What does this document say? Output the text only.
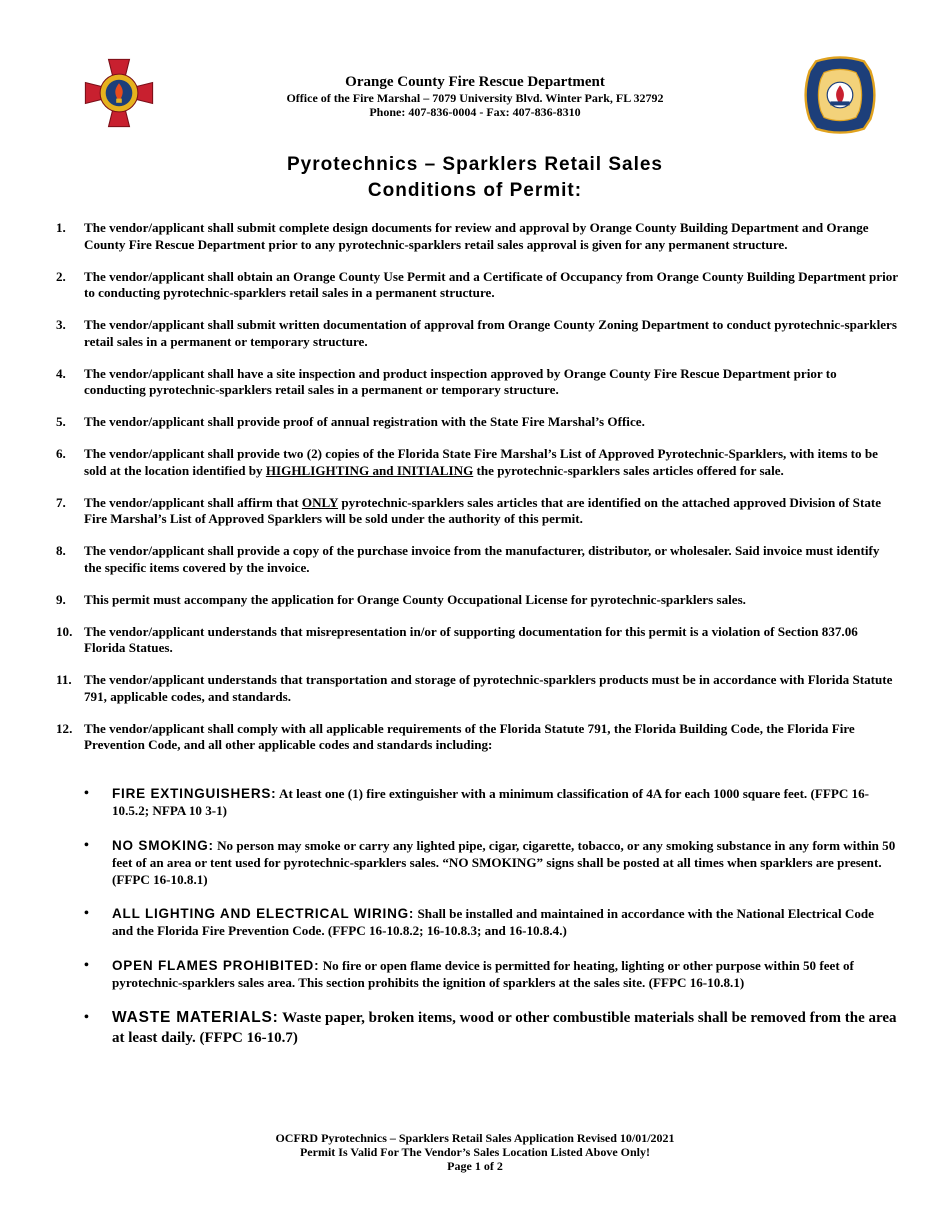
Orange County Fire Rescue Department
Office of the Fire Marshal – 7079 University Blvd. Winter Park, FL 32792
Phone: 407-836-0004 - Fax: 407-836-8310
Pyrotechnics – Sparklers Retail Sales
Conditions of Permit:
1.	The vendor/applicant shall submit complete design documents for review and approval by Orange County Building Department and Orange County Fire Rescue Department prior to any pyrotechnic-sparklers retail sales approval is given for any permanent structure.
2.	The vendor/applicant shall obtain an Orange County Use Permit and a Certificate of Occupancy from Orange County Building Department prior to conducting pyrotechnic-sparklers retail sales in a permanent structure.
3.	The vendor/applicant shall submit written documentation of approval from Orange County Zoning Department to conduct pyrotechnic-sparklers retail sales in a permanent or temporary structure.
4.	The vendor/applicant shall have a site inspection and product inspection approved by Orange County Fire Rescue Department prior to conducting pyrotechnic-sparklers retail sales in a permanent or temporary structure.
5.	The vendor/applicant shall provide proof of annual registration with the State Fire Marshal’s Office.
6.	The vendor/applicant shall provide two (2) copies of the Florida State Fire Marshal’s List of Approved Pyrotechnic-Sparklers, with items to be sold at the location identified by HIGHLIGHTING and INITIALING the pyrotechnic-sparklers sales articles offered for sale.
7.	The vendor/applicant shall affirm that ONLY pyrotechnic-sparklers sales articles that are identified on the attached approved Division of State Fire Marshal’s List of Approved Sparklers will be sold under the authority of this permit.
8.	The vendor/applicant shall provide a copy of the purchase invoice from the manufacturer, distributor, or wholesaler. Said invoice must identify the specific items covered by the invoice.
9.	This permit must accompany the application for Orange County Occupational License for pyrotechnic-sparklers sales.
10. The vendor/applicant understands that misrepresentation in/or of supporting documentation for this permit is a violation of Section 837.06 Florida Statues.
11. The vendor/applicant understands that transportation and storage of pyrotechnic-sparklers products must be in accordance with Florida Statute 791, applicable codes, and standards.
12. The vendor/applicant shall comply with all applicable requirements of the Florida Statute 791, the Florida Building Code, the Florida Fire Prevention Code, and all other applicable codes and standards including:
•	FIRE EXTINGUISHERS: At least one (1) fire extinguisher with a minimum classification of 4A for each 1000 square feet. (FFPC 16-10.5.2; NFPA 10 3-1)
•	NO SMOKING: No person may smoke or carry any lighted pipe, cigar, cigarette, tobacco, or any smoking substance in any form within 50 feet of an area or tent used for pyrotechnic-sparklers sales. “NO SMOKING” signs shall be posted at all times when sparklers are present. (FFPC 16-10.8.1)
•	ALL LIGHTING AND ELECTRICAL WIRING: Shall be installed and maintained in accordance with the National Electrical Code and the Florida Fire Prevention Code. (FFPC 16-10.8.2; 16-10.8.3; and 16-10.8.4.)
•	OPEN FLAMES PROHIBITED: No fire or open flame device is permitted for heating, lighting or other purpose within 50 feet of pyrotechnic-sparklers sales area. This section prohibits the ignition of sparklers at the sales site. (FFPC 16-10.8.1)
•	WASTE MATERIALS: Waste paper, broken items, wood or other combustible materials shall be removed from the area at least daily. (FFPC 16-10.7)
OCFRD Pyrotechnics – Sparklers Retail Sales Application Revised 10/01/2021
Permit Is Valid For The Vendor’s Sales Location Listed Above Only!
Page 1 of 2
